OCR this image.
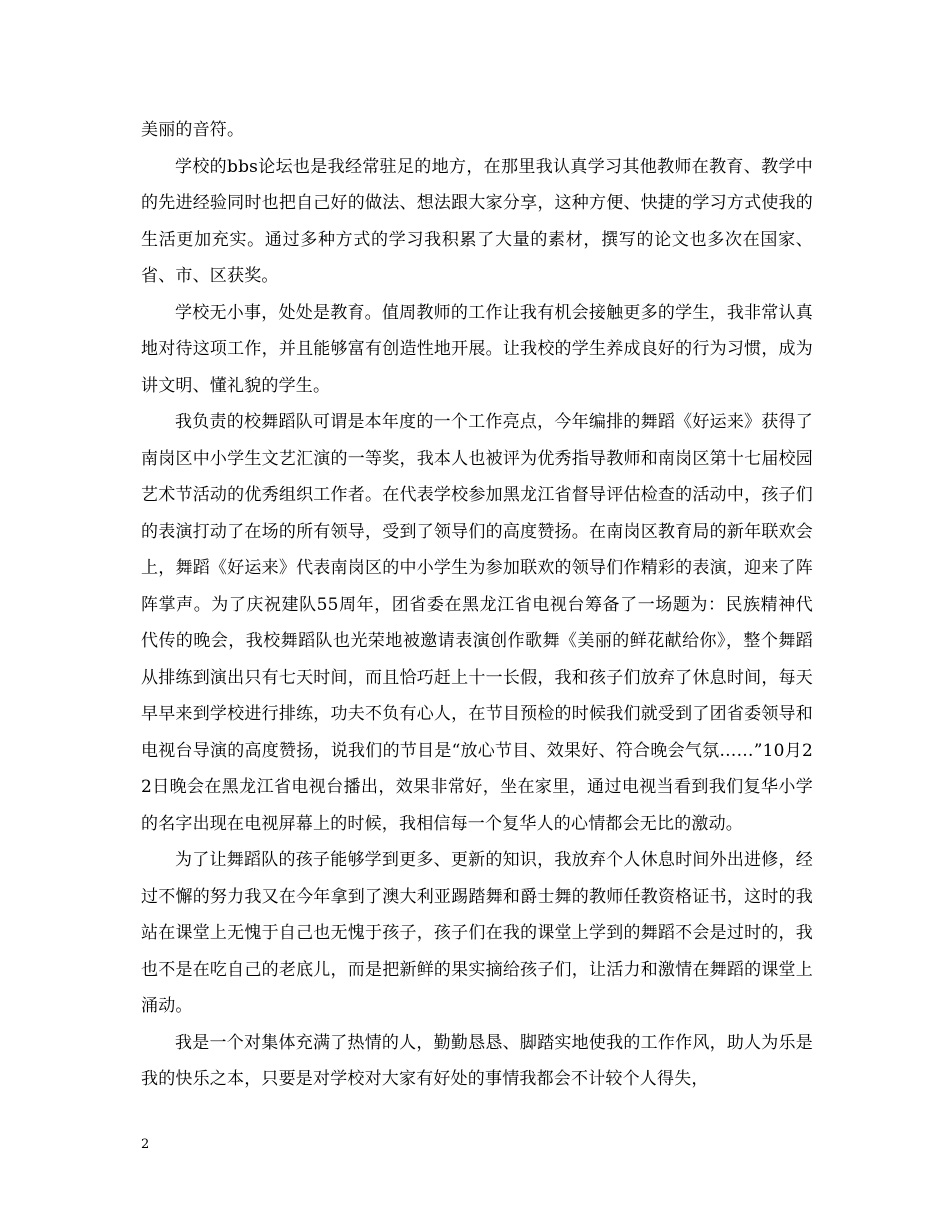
美丽的音符。

学校的bbs论坛也是我经常驻足的地方，在那里我认真学习其他教师在教育、教学中的先进经验同时也把自己好的做法、想法跟大家分享，这种方便、快捷的学习方式使我的生活更加充实。通过多种方式的学习我积累了大量的素材，撰写的论文也多次在国家、省、市、区获奖。

学校无小事，处处是教育。值周教师的工作让我有机会接触更多的学生，我非常认真地对待这项工作，并且能够富有创造性地开展。让我校的学生养成良好的行为习惯，成为讲文明、懂礼貌的学生。

我负责的校舞蹈队可谓是本年度的一个工作亮点，今年编排的舞蹈《好运来》获得了南岗区中小学生文艺汇演的一等奖，我本人也被评为优秀指导教师和南岗区第十七届校园艺术节活动的优秀组织工作者。在代表学校参加黑龙江省督导评估检查的活动中，孩子们的表演打动了在场的所有领导，受到了领导们的高度赞扬。在南岗区教育局的新年联欢会上，舞蹈《好运来》代表南岗区的中小学生为参加联欢的领导们作精彩的表演，迎来了阵阵掌声。为了庆祝建队55周年，团省委在黑龙江省电视台筹备了一场题为：民族精神代代传的晚会，我校舞蹈队也光荣地被邀请表演创作歌舞《美丽的鲜花献给你》，整个舞蹈从排练到演出只有七天时间，而且恰巧赶上十一长假，我和孩子们放弃了休息时间，每天早早来到学校进行排练，功夫不负有心人，在节目预检的时候我们就受到了团省委领导和电视台导演的高度赞扬，说我们的节目是“放心节目、效果好、符合晚会气氛……”10月22日晚会在黑龙江省电视台播出，效果非常好，坐在家里，通过电视当看到我们复华小学的名字出现在电视屏幕上的时候，我相信每一个复华人的心情都会无比的激动。

为了让舞蹈队的孩子能够学到更多、更新的知识，我放弃个人休息时间外出进修，经过不懈的努力我又在今年拿到了澳大利亚踢踏舞和爵士舞的教师任教资格证书，这时的我站在课堂上无愧于自己也无愧于孩子，孩子们在我的课堂上学到的舞蹈不会是过时的，我也不是在吃自己的老底儿，而是把新鲜的果实摘给孩子们，让活力和激情在舞蹈的课堂上涌动。

我是一个对集体充满了热情的人，勤勤恳恳、脚踏实地使我的工作作风，助人为乐是我的快乐之本，只要是对学校对大家有好处的事情我都会不计较个人得失，

2
